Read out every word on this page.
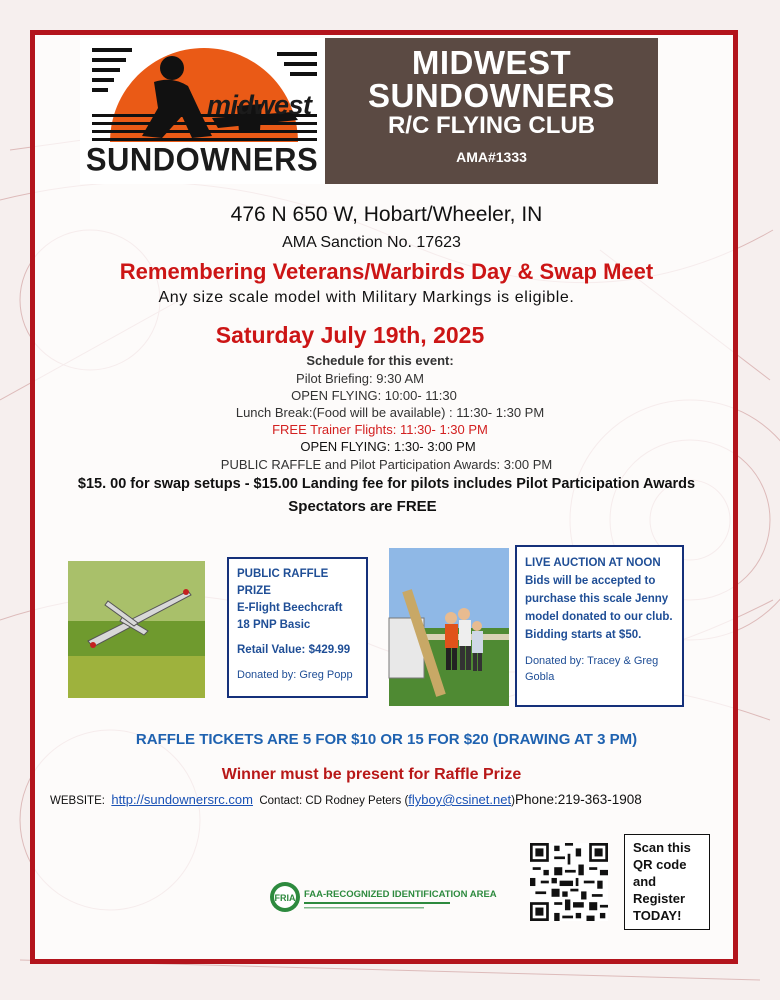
midwest
SUNDOWNERS
MIDWEST
SUNDOWNERS
R/C FLYING CLUB
AMA#1333
476 N 650 W, Hobart/Wheeler, IN
AMA Sanction No. 17623
Remembering Veterans/Warbirds Day & Swap Meet
Any size scale model with Military Markings is eligible.
Saturday July 19th, 2025
Schedule for this event:
Pilot Briefing: 9:30 AM
OPEN FLYING: 10:00- 11:30
Lunch Break:(Food will be available) : 11:30- 1:30 PM
FREE Trainer Flights: 11:30- 1:30 PM
OPEN FLYING: 1:30- 3:00 PM
PUBLIC RAFFLE and Pilot Participation Awards: 3:00 PM
$15. 00 for swap setups - $15.00 Landing fee for pilots includes Pilot Participation Awards
Spectators are FREE
PUBLIC RAFFLE PRIZE
E-Flight Beechcraft
18 PNP Basic
Retail Value: $429.99
Donated by: Greg Popp
LIVE AUCTION AT NOON Bids will be accepted to purchase this scale Jenny model donated to our club. Bidding starts at $50.
Donated by: Tracey & Greg Gobla
RAFFLE TICKETS ARE 5 FOR $10 OR 15 FOR $20 (DRAWING AT 3 PM)
Winner must be present for Raffle Prize
WEBSITE: http://sundownersrc.com Contact: CD Rodney Peters (flyboy@csinet.net)Phone:219-363-1908
Scan this
QR code
and
Register
TODAY!
FRIA FAA-RECOGNIZED IDENTIFICATION AREA
